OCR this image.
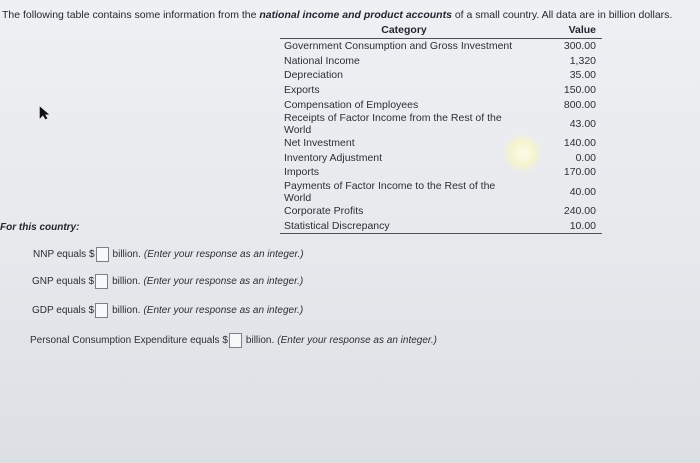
The following table contains some information from the national income and product accounts of a small country. All data are in billion dollars.
Category	Value
Government Consumption and Gross Investment	300.00
National Income	1,320
Depreciation	35.00
Exports	150.00
Compensation of Employees	800.00
Receipts of Factor Income from the Rest of the World	43.00
Net Investment	140.00
Inventory Adjustment	0.00
Imports	170.00
Payments of Factor Income to the Rest of the World	40.00
Corporate Profits	240.00
Statistical Discrepancy	10.00
For this country:
NNP equals $ billion. (Enter your response as an integer.)
GNP equals $ billion. (Enter your response as an integer.)
GDP equals $ billion. (Enter your response as an integer.)
Personal Consumption Expenditure equals $ billion. (Enter your response as an integer.)
